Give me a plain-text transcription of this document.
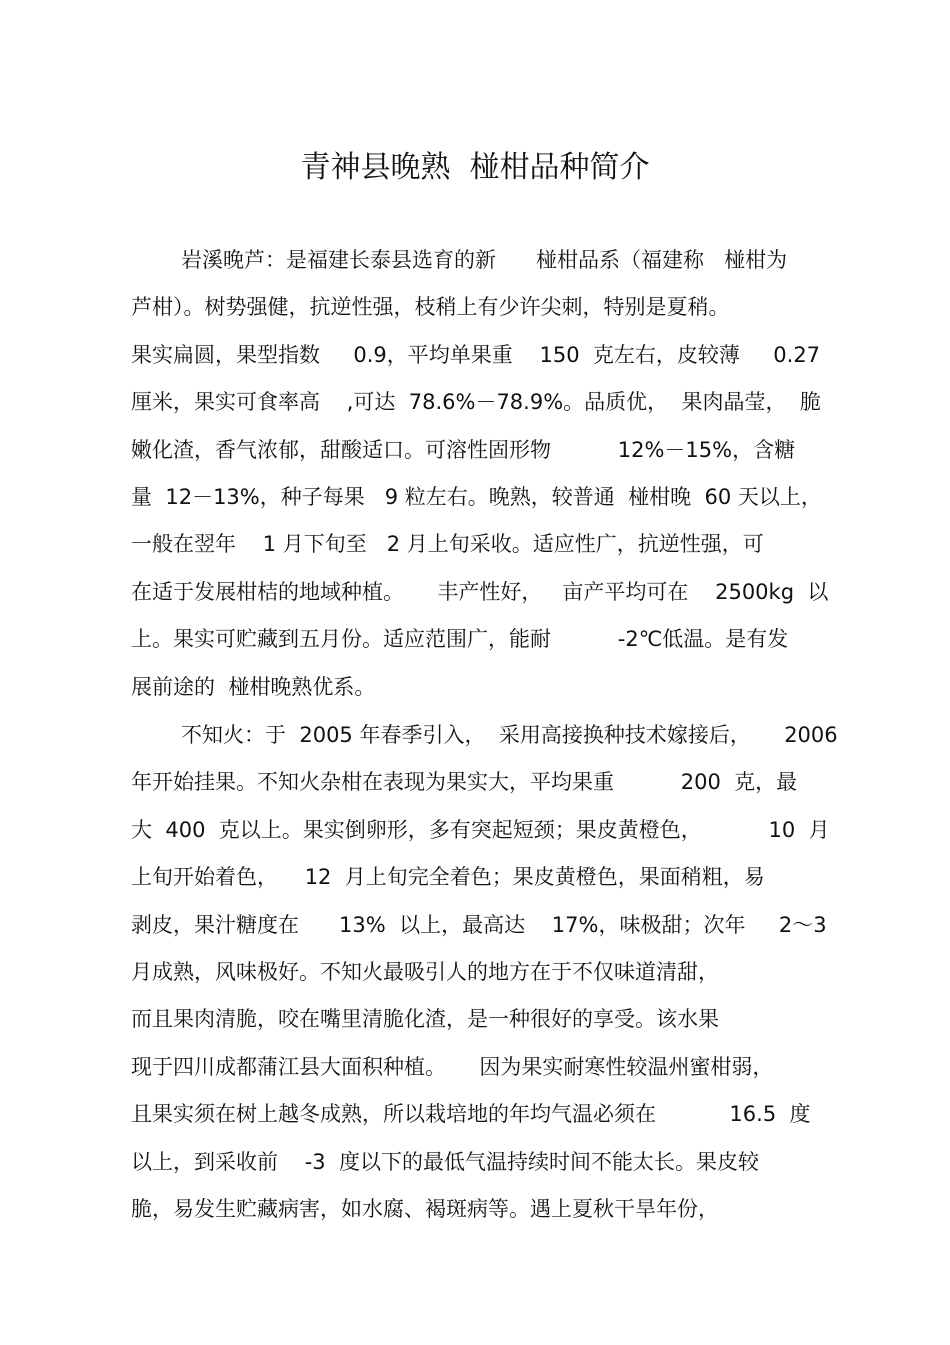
青神县晚熟  椪柑品种简介
岩溪晚芦：是福建长泰县选育的新      椪柑品系（福建称   椪柑为
芦柑）。树势强健，抗逆性强，枝稍上有少许尖刺，特别是夏稍。
果实扁圆，果型指数     0.9，平均单果重    150  克左右，皮较薄     0.27
厘米，果实可食率高    ,可达  78.6%－78.9%。品质优，  果肉晶莹，  脆
嫩化渣，香气浓郁，甜酸适口。可溶性固形物          12%－15%，含糖
量  12－13%，种子每果   9 粒左右。晚熟，较普通  椪柑晚  60 天以上，
一般在翌年    1 月下旬至   2 月上旬采收。适应性广，抗逆性强，可
在适于发展柑桔的地域种植。     丰产性好，   亩产平均可在    2500kg  以
上。果实可贮藏到五月份。适应范围广，能耐          -2℃低温。是有发
展前途的  椪柑晚熟优系。
不知火：于  2005 年春季引入，  采用高接换种技术嫁接后，     2006
年开始挂果。不知火杂柑在表现为果实大，平均果重          200  克，最
大  400  克以上。果实倒卵形，多有突起短颈；果皮黄橙色，          10  月
上旬开始着色，    12  月上旬完全着色；果皮黄橙色，果面稍粗，易
剥皮，果汁糖度在      13%  以上，最高达    17%，味极甜；次年     2～3
月成熟，风味极好。不知火最吸引人的地方在于不仅味道清甜，
而且果肉清脆，咬在嘴里清脆化渣，是一种很好的享受。该水果
现于四川成都蒲江县大面积种植。     因为果实耐寒性较温州蜜柑弱，
且果实须在树上越冬成熟，所以栽培地的年均气温必须在           16.5  度
以上，到采收前    -3  度以下的最低气温持续时间不能太长。果皮较
脆，易发生贮藏病害，如水腐、褐斑病等。遇上夏秋干旱年份，
